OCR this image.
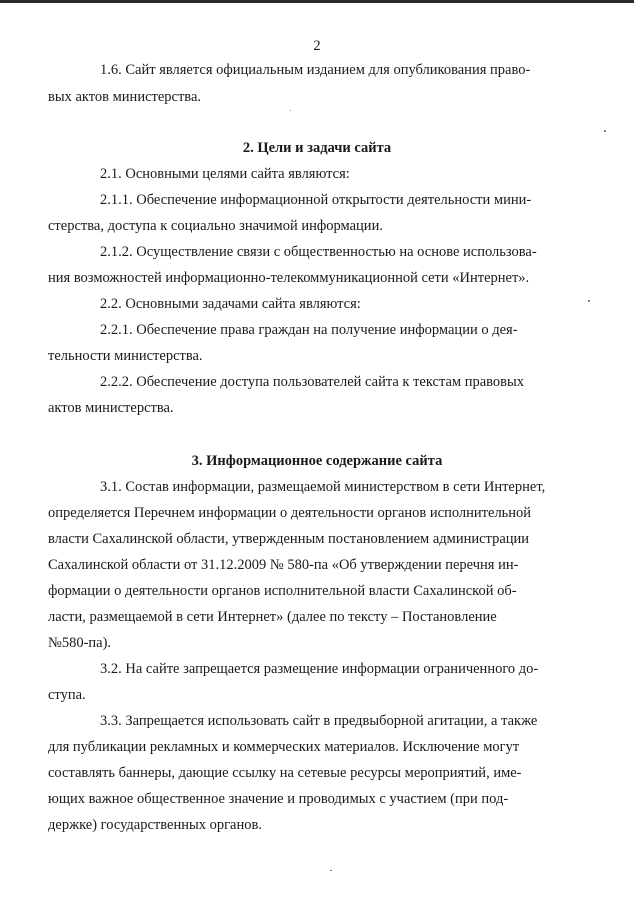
2
1.6. Сайт является официальным изданием для опубликования право-
вых актов министерства.
2. Цели и задачи сайта
2.1. Основными целями сайта являются:
2.1.1. Обеспечение информационной открытости деятельности мини-
стерства, доступа к социально значимой информации.
2.1.2. Осуществление связи с общественностью на основе использова-
ния возможностей информационно-телекоммуникационной сети «Интернет».
2.2. Основными задачами сайта являются:
2.2.1. Обеспечение права граждан на получение информации о дея-
тельности министерства.
2.2.2. Обеспечение доступа пользователей сайта к текстам правовых
актов министерства.
3. Информационное содержание сайта
3.1. Состав информации, размещаемой министерством в сети Интернет,
определяется Перечнем информации о деятельности органов исполнительной
власти Сахалинской области, утвержденным постановлением администрации
Сахалинской области от 31.12.2009 № 580-па «Об утверждении перечня ин-
формации о деятельности органов исполнительной власти Сахалинской об-
ласти, размещаемой в сети Интернет» (далее по тексту – Постановление
№580-па).
3.2. На сайте запрещается размещение информации ограниченного до-
ступа.
3.3. Запрещается использовать сайт в предвыборной агитации, а также
для публикации рекламных и коммерческих материалов. Исключение могут
составлять баннеры, дающие ссылку на сетевые ресурсы мероприятий, име-
ющих важное общественное значение и проводимых с участием (при под-
держке) государственных органов.
